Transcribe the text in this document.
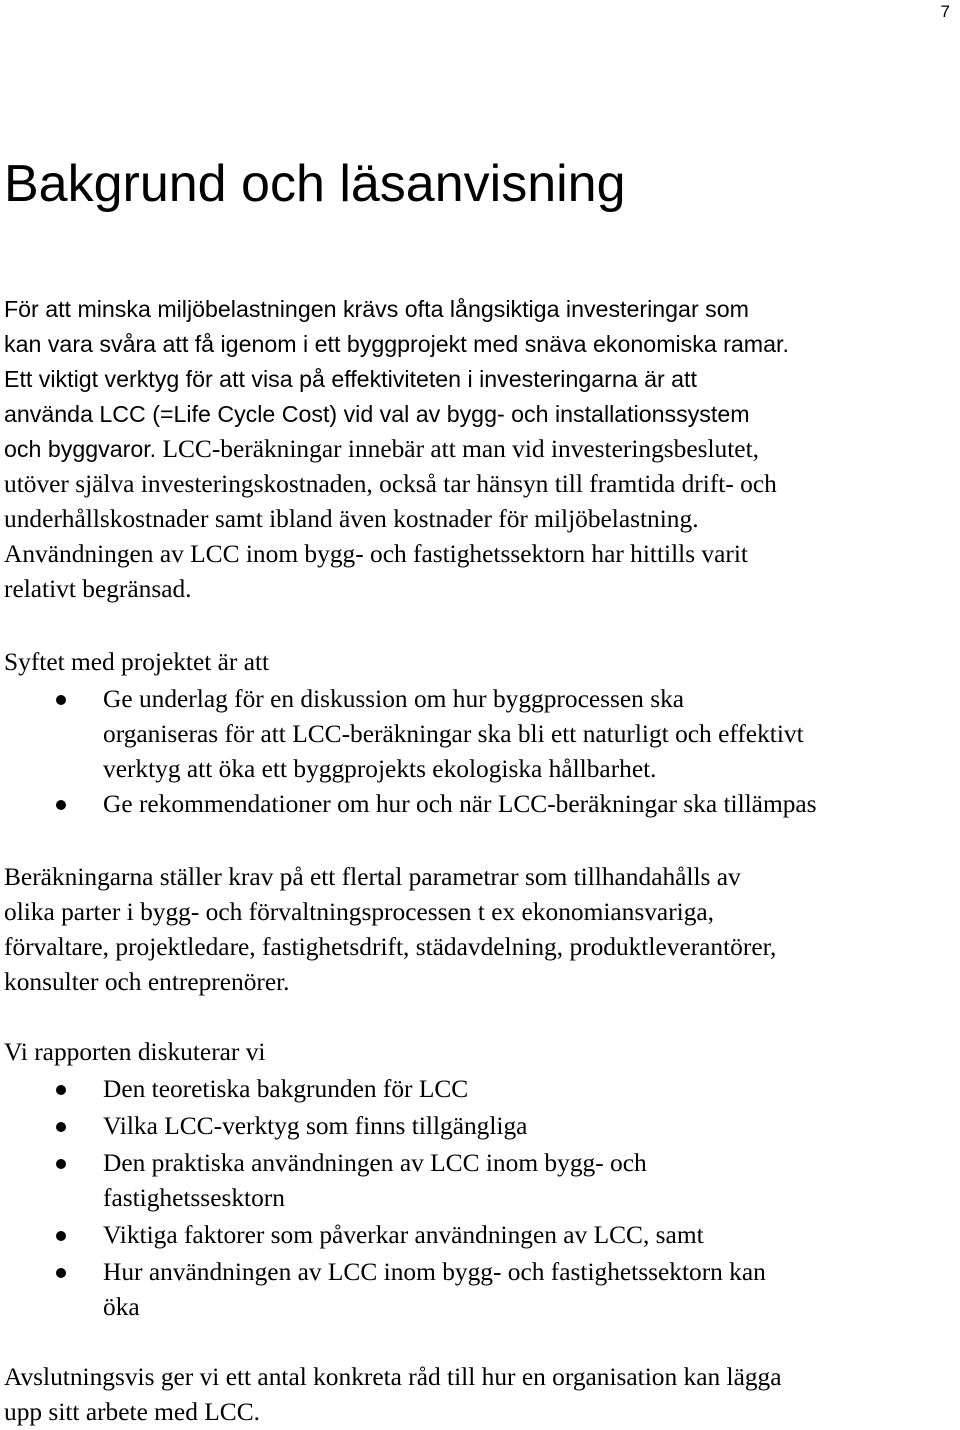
7
Bakgrund och läsanvisning

För att minska miljöbelastningen krävs ofta långsiktiga investeringar som
kan vara svåra att få igenom i ett byggprojekt med snäva ekonomiska ramar.
Ett viktigt verktyg för att visa på effektiviteten i investeringarna är att
använda LCC (=Life Cycle Cost) vid val av bygg- och installationssystem
och byggvaror. LCC-beräkningar innebär att man vid investeringsbeslutet,
utöver själva investeringskostnaden, också tar hänsyn till framtida drift- och
underhållskostnader samt ibland även kostnader för miljöbelastning.
Användningen av LCC inom bygg- och fastighetssektorn har hittills varit
relativt begränsad.

Syftet med projektet är att

Ge underlag för en diskussion om hur byggprocessen ska
organiseras för att LCC-beräkningar ska bli ett naturligt och effektivt
verktyg att öka ett byggprojekts ekologiska hållbarhet.
Ge rekommendationer om hur och när LCC-beräkningar ska tillämpas

Beräkningarna ställer krav på ett flertal parametrar som tillhandahålls av
olika parter i bygg- och förvaltningsprocessen t ex ekonomiansvariga,
förvaltare, projektledare, fastighetsdrift, städavdelning, produktleverantörer,
konsulter och entreprenörer.

Vi rapporten diskuterar vi

Den teoretiska bakgrunden för LCC
Vilka LCC-verktyg som finns tillgängliga
Den praktiska användningen av LCC inom bygg- och
fastighetssesktorn
Viktiga faktorer som påverkar användningen av LCC, samt
Hur användningen av LCC inom bygg- och fastighetssektorn kan
öka

Avslutningsvis ger vi ett antal konkreta råd till hur en organisation kan lägga
upp sitt arbete med LCC.
